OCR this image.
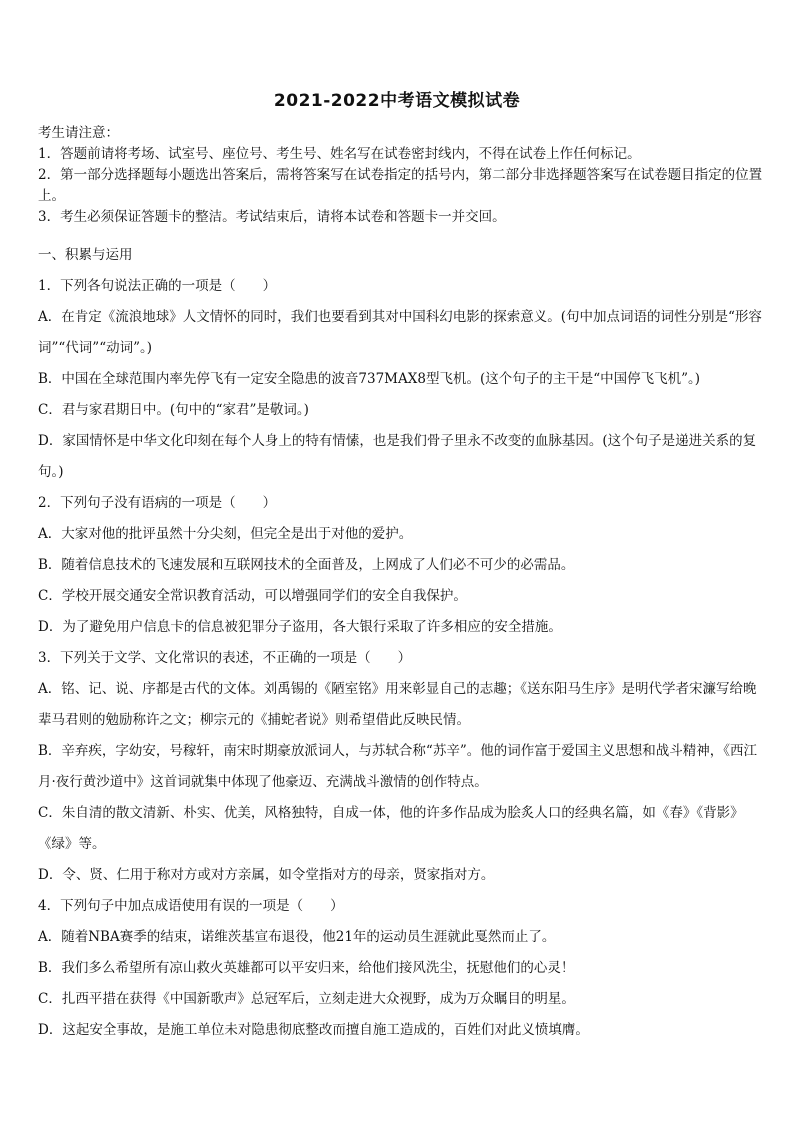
2021-2022中考语文模拟试卷

考生请注意：

1．答题前请将考场、试室号、座位号、考生号、姓名写在试卷密封线内，不得在试卷上作任何标记。

2．第一部分选择题每小题选出答案后，需将答案写在试卷指定的括号内，第二部分非选择题答案写在试卷题目指定的位置上。

3．考生必须保证答题卡的整洁。考试结束后，请将本试卷和答题卡一并交回。

一、积累与运用

1．下列各句说法正确的一项是（　　）

A．在肯定《流浪地球》人文情怀的同时，我们也要看到其对中国科幻电影的探索意义。(句中加点词语的词性分别是“形容词”“代词”“动词”。)

B．中国在全球范围内率先停飞有一定安全隐患的波音737MAX8型飞机。(这个句子的主干是“中国停飞飞机”。)

C．君与家君期日中。(句中的“家君”是敬词。)

D．家国情怀是中华文化印刻在每个人身上的特有情愫，也是我们骨子里永不改变的血脉基因。(这个句子是递进关系的复句。)

2．下列句子没有语病的一项是（　　）

A．大家对他的批评虽然十分尖刻，但完全是出于对他的爱护。

B．随着信息技术的飞速发展和互联网技术的全面普及，上网成了人们必不可少的必需品。

C．学校开展交通安全常识教育活动，可以增强同学们的安全自我保护。

D．为了避免用户信息卡的信息被犯罪分子盗用，各大银行采取了许多相应的安全措施。

3．下列关于文学、文化常识的表述，不正确的一项是（　　）

A．铭、记、说、序都是古代的文体。刘禹锡的《陋室铭》用来彰显自己的志趣；《送东阳马生序》是明代学者宋濂写给晚辈马君则的勉励称许之文；柳宗元的《捕蛇者说》则希望借此反映民情。

B．辛弃疾，字幼安，号稼轩，南宋时期豪放派词人，与苏轼合称“苏辛”。他的词作富于爱国主义思想和战斗精神，《西江月·夜行黄沙道中》这首词就集中体现了他豪迈、充满战斗激情的创作特点。

C．朱自清的散文清新、朴实、优美，风格独特，自成一体，他的许多作品成为脍炙人口的经典名篇，如《春》《背影》《绿》等。

D．令、贤、仁用于称对方或对方亲属，如令堂指对方的母亲，贤家指对方。

4．下列句子中加点成语使用有误的一项是（　　）

A．随着NBA赛季的结束，诺维茨基宣布退役，他21年的运动员生涯就此戛然而止了。

B．我们多么希望所有凉山救火英雄都可以平安归来，给他们接风洗尘，抚慰他们的心灵！

C．扎西平措在获得《中国新歌声》总冠军后，立刻走进大众视野，成为万众瞩目的明星。

D．这起安全事故，是施工单位未对隐患彻底整改而擅自施工造成的，百姓们对此义愤填膺。
